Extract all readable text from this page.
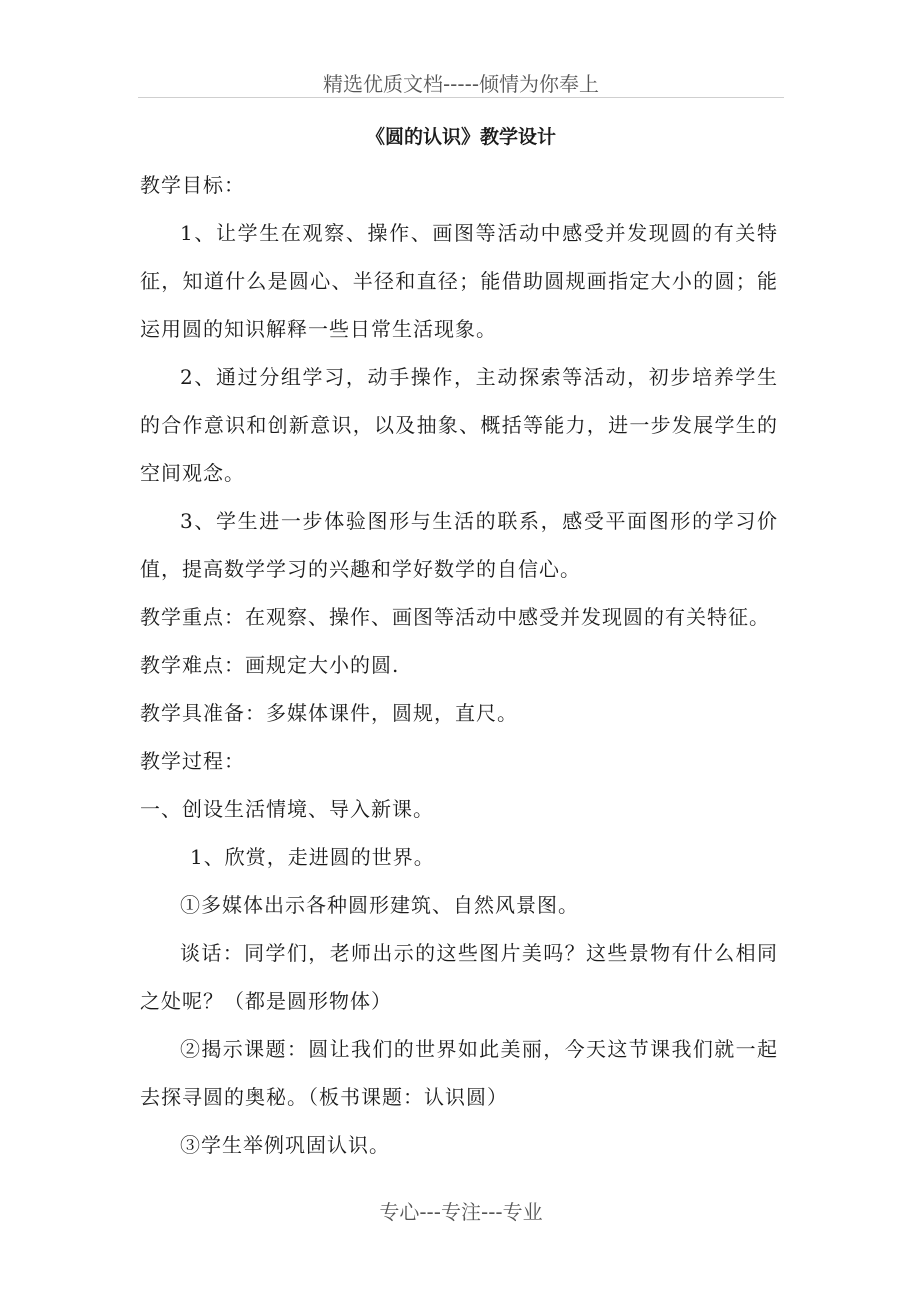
精选优质文档-----倾情为你奉上
《圆的认识》教学设计
教学目标：
1、让学生在观察、操作、画图等活动中感受并发现圆的有关特
征，知道什么是圆心、半径和直径；能借助圆规画指定大小的圆；能
运用圆的知识解释一些日常生活现象。
2、通过分组学习，动手操作，主动探索等活动，初步培养学生
的合作意识和创新意识，以及抽象、概括等能力，进一步发展学生的
空间观念。
3、学生进一步体验图形与生活的联系，感受平面图形的学习价
值，提高数学学习的兴趣和学好数学的自信心。
教学重点：在观察、操作、画图等活动中感受并发现圆的有关特征。
教学难点：画规定大小的圆.
教学具准备：多媒体课件，圆规，直尺。
教学过程：
一、创设生活情境、导入新课。
1、欣赏，走进圆的世界。
①多媒体出示各种圆形建筑、自然风景图。
谈话：同学们，老师出示的这些图片美吗？这些景物有什么相同
之处呢？（都是圆形物体）
②揭示课题：圆让我们的世界如此美丽，今天这节课我们就一起
去探寻圆的奥秘。（板书课题：认识圆）
③学生举例巩固认识。
专心---专注---专业
